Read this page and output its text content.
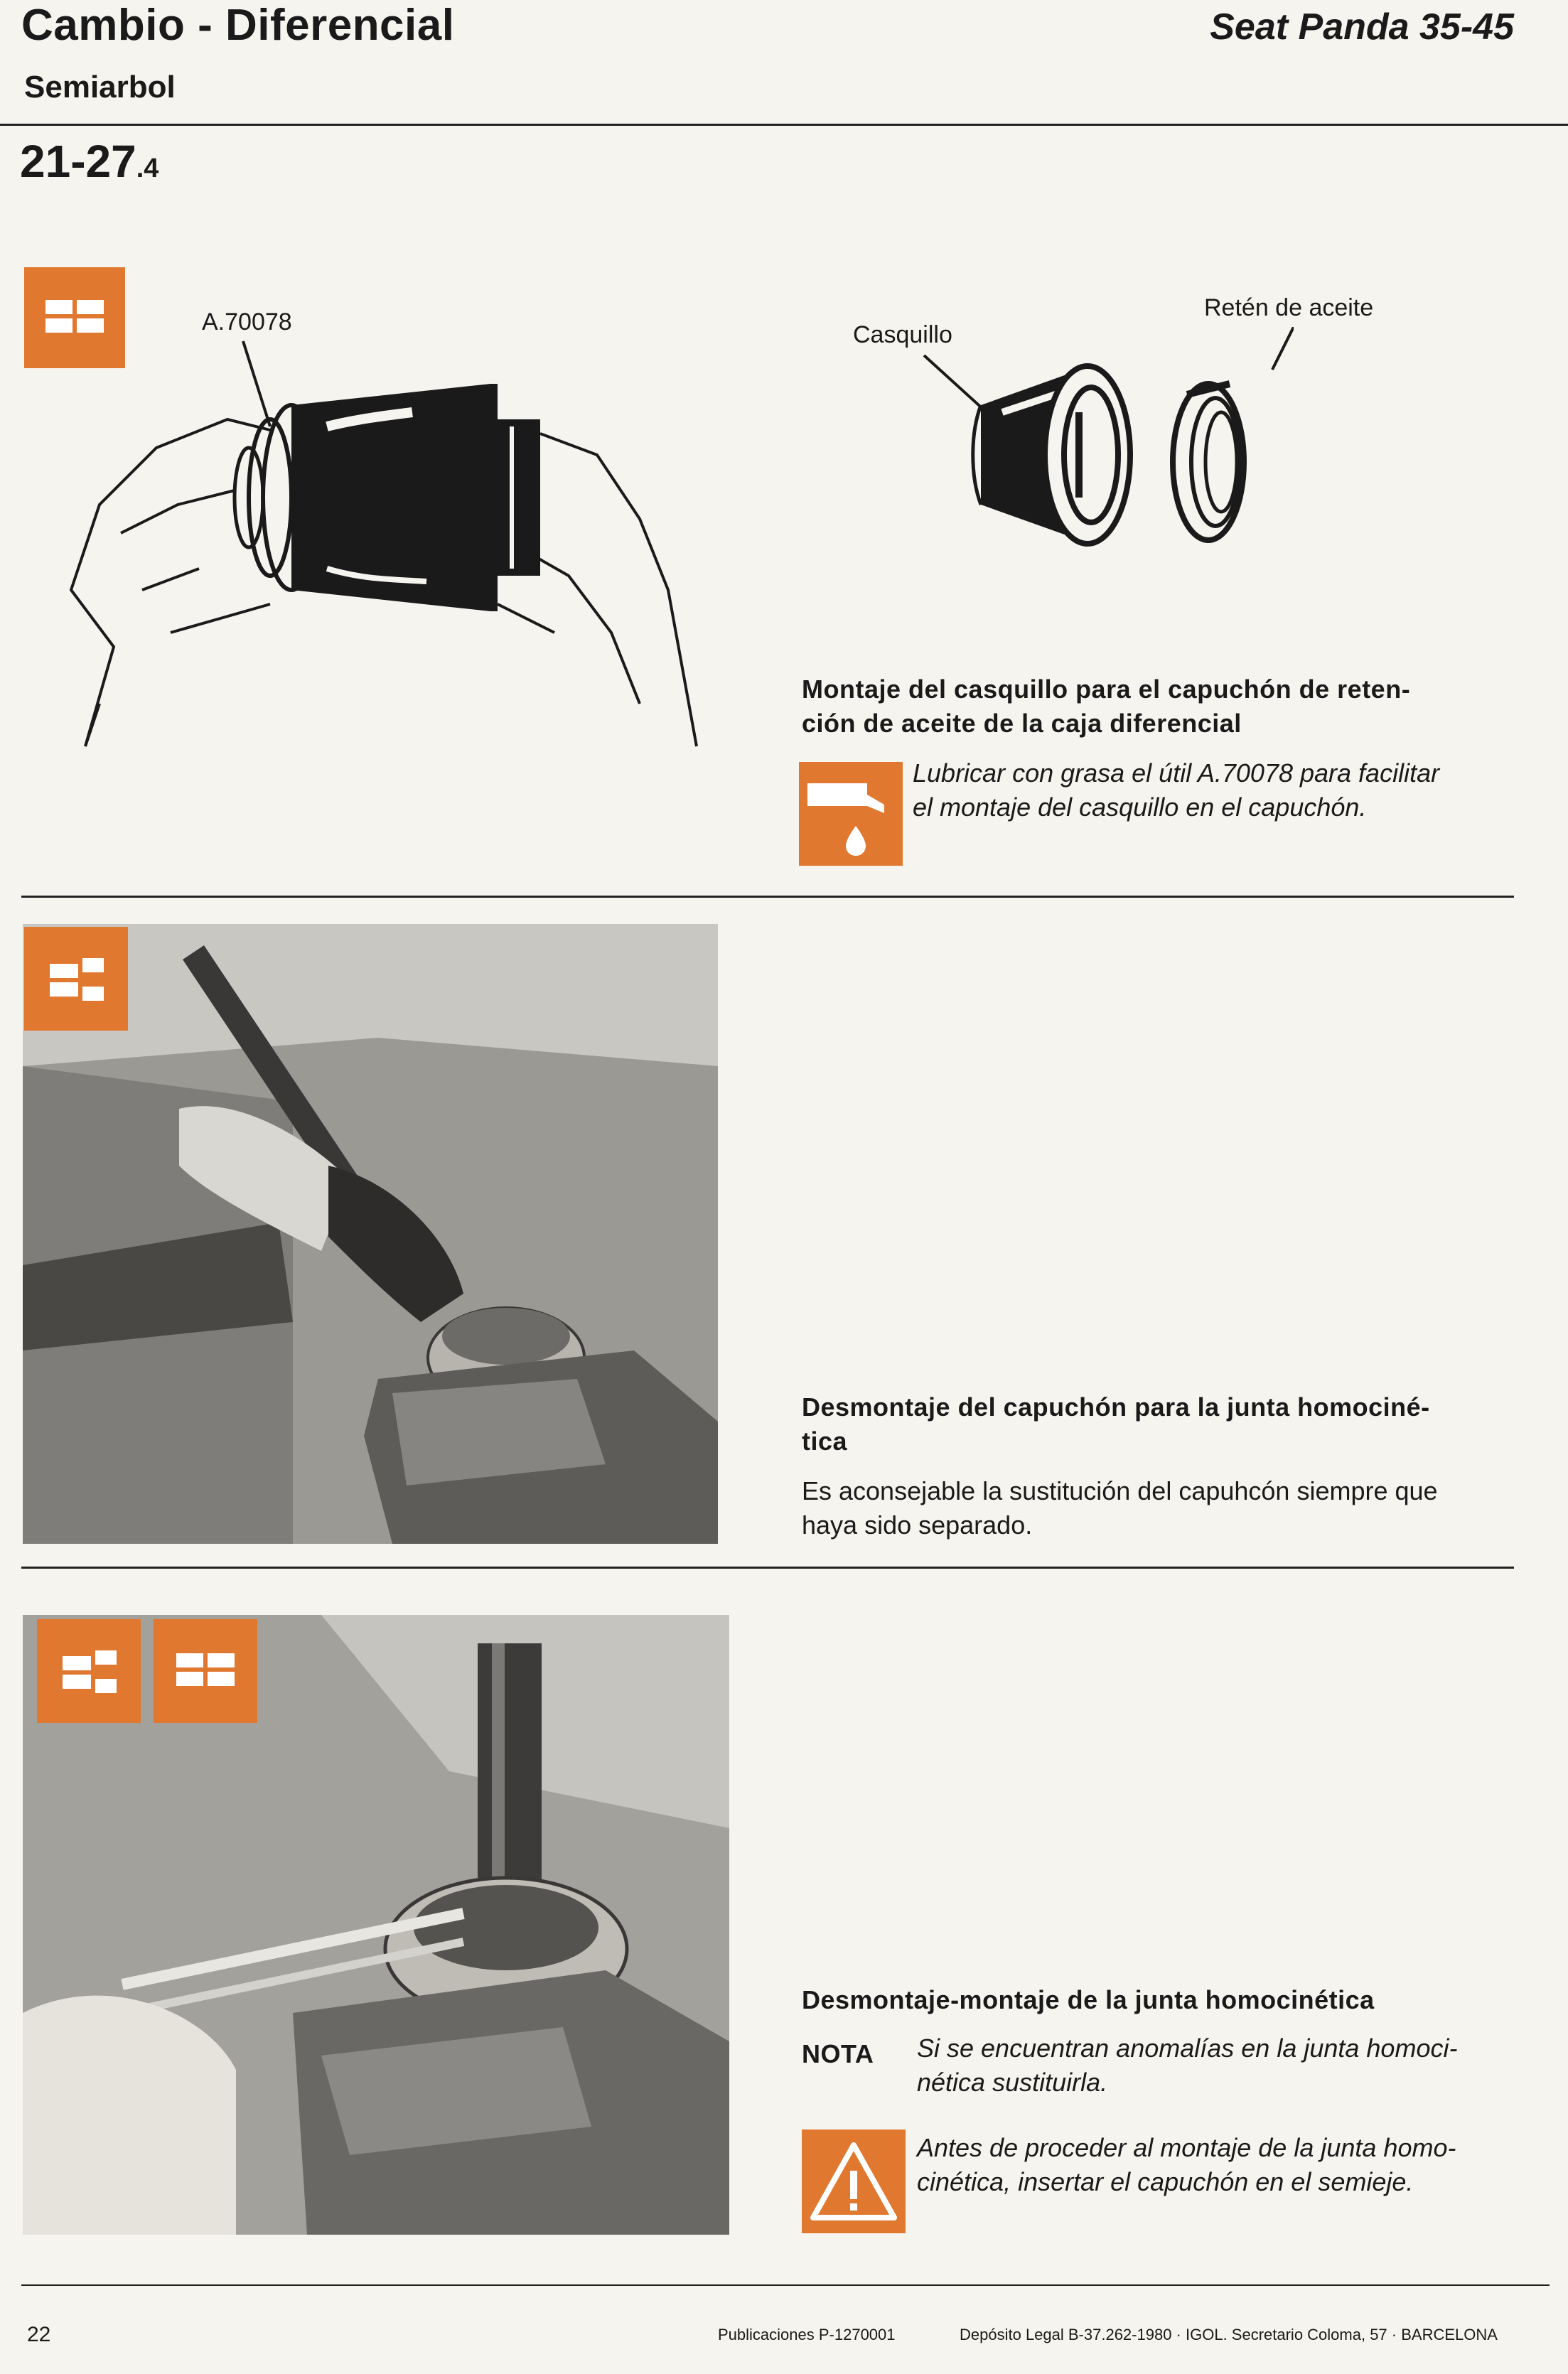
Cambio - Diferencial
Semiarbol
Seat Panda 35-45
21-27.4
A.70078	Casquillo
Retén de aceite
Montaje del casquillo para el capuchón de reten-
ción de aceite de la caja diferencial
Lubricar con grasa el útil A.70078 para facilitar
el montaje del casquillo en el capuchón.
Desmontaje del capuchón para la junta homociné-
tica
Es aconsejable la sustitución del capuhcón siempre que
haya sido separado.
Desmontaje-montaje de la junta homocinética
NOTA Si se encuentran anomalías en la junta homoci-
nética sustituirla.
Antes de proceder al montaje de la junta homo-
cinética, insertar el capuchón en el semieje.
22	Publicaciones P-1270001	Depósito Legal B-37.262-1980 · IGOL. Secretario Coloma, 57 · BARCELONA
